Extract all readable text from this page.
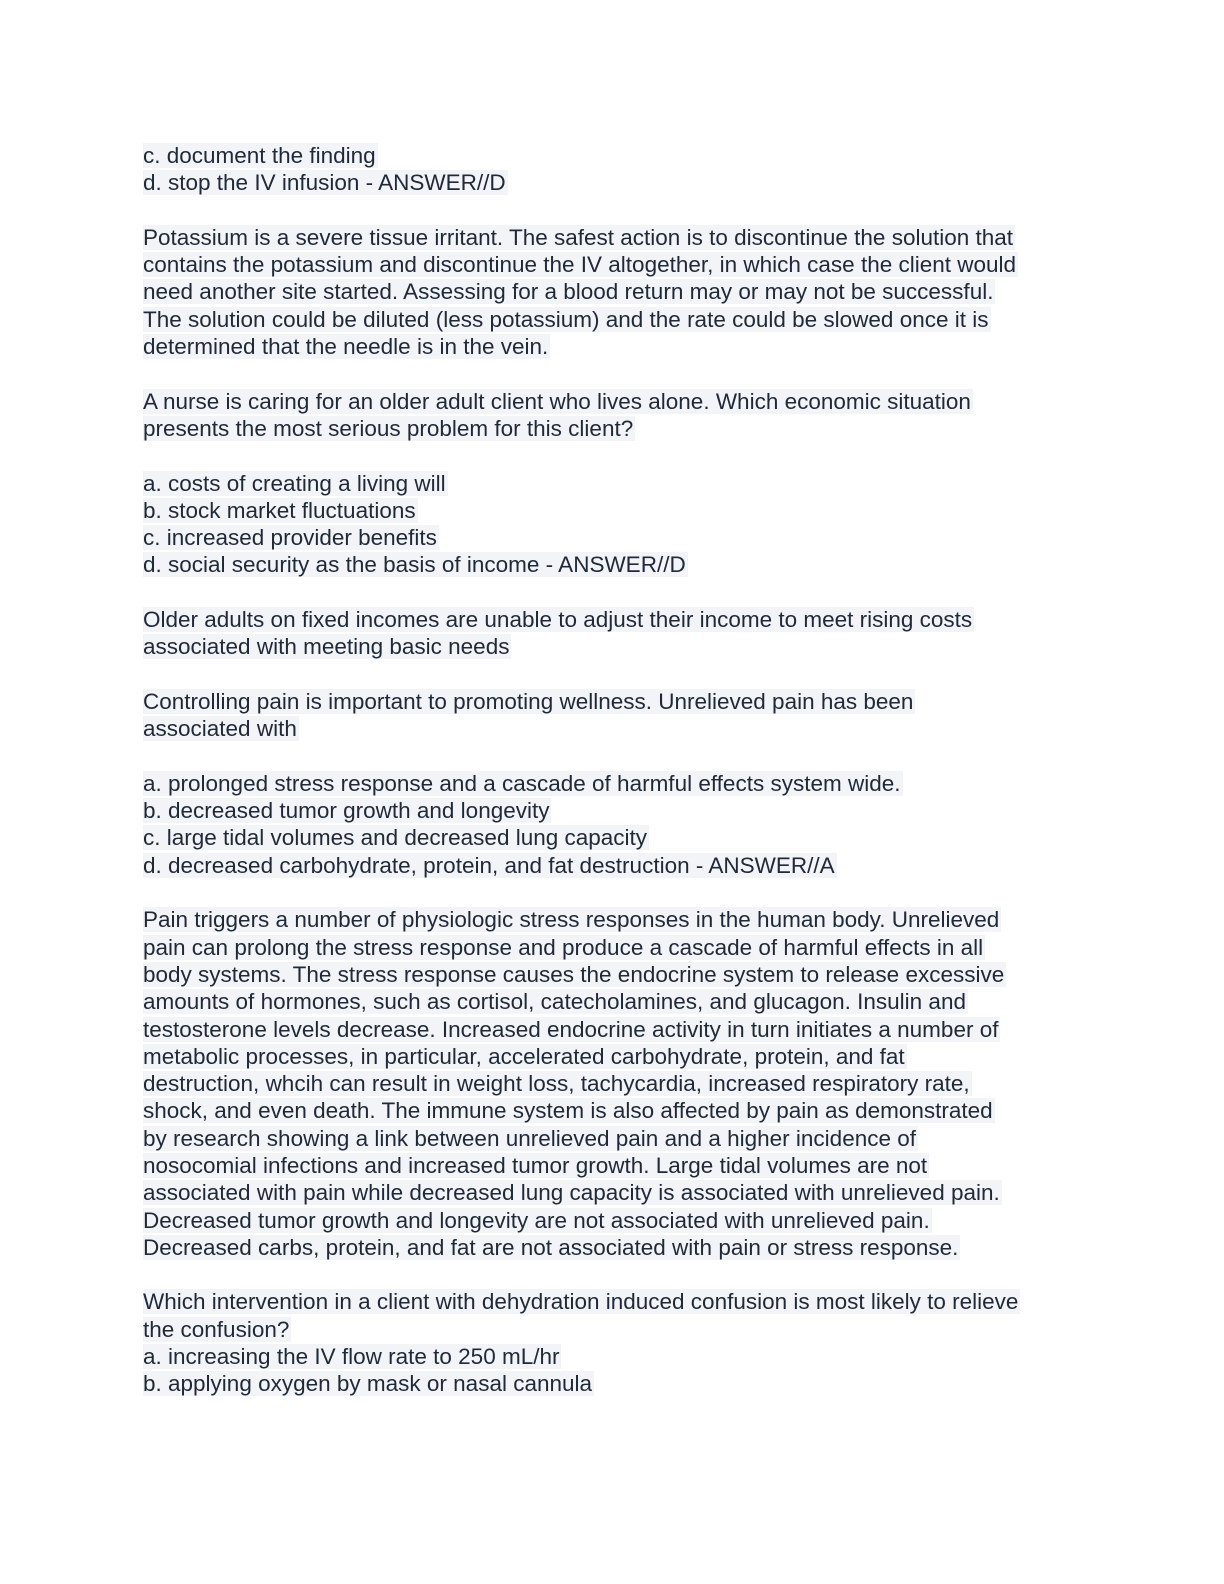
c. document the finding
d. stop the IV infusion - ANSWER//D
Potassium is a severe tissue irritant. The safest action is to discontinue the solution that
contains the potassium and discontinue the IV altogether, in which case the client would
need another site started. Assessing for a blood return may or may not be successful.
The solution could be diluted (less potassium) and the rate could be slowed once it is
determined that the needle is in the vein.
A nurse is caring for an older adult client who lives alone. Which economic situation
presents the most serious problem for this client?
a. costs of creating a living will
b. stock market fluctuations
c. increased provider benefits
d. social security as the basis of income - ANSWER//D
Older adults on fixed incomes are unable to adjust their income to meet rising costs
associated with meeting basic needs
Controlling pain is important to promoting wellness. Unrelieved pain has been
associated with
a. prolonged stress response and a cascade of harmful effects system wide.
b. decreased tumor growth and longevity
c. large tidal volumes and decreased lung capacity
d. decreased carbohydrate, protein, and fat destruction - ANSWER//A
Pain triggers a number of physiologic stress responses in the human body. Unrelieved
pain can prolong the stress response and produce a cascade of harmful effects in all
body systems. The stress response causes the endocrine system to release excessive
amounts of hormones, such as cortisol, catecholamines, and glucagon. Insulin and
testosterone levels decrease. Increased endocrine activity in turn initiates a number of
metabolic processes, in particular, accelerated carbohydrate, protein, and fat
destruction, whcih can result in weight loss, tachycardia, increased respiratory rate,
shock, and even death. The immune system is also affected by pain as demonstrated
by research showing a link between unrelieved pain and a higher incidence of
nosocomial infections and increased tumor growth. Large tidal volumes are not
associated with pain while decreased lung capacity is associated with unrelieved pain.
Decreased tumor growth and longevity are not associated with unrelieved pain.
Decreased carbs, protein, and fat are not associated with pain or stress response.
Which intervention in a client with dehydration induced confusion is most likely to relieve
the confusion?
a. increasing the IV flow rate to 250 mL/hr
b. applying oxygen by mask or nasal cannula
